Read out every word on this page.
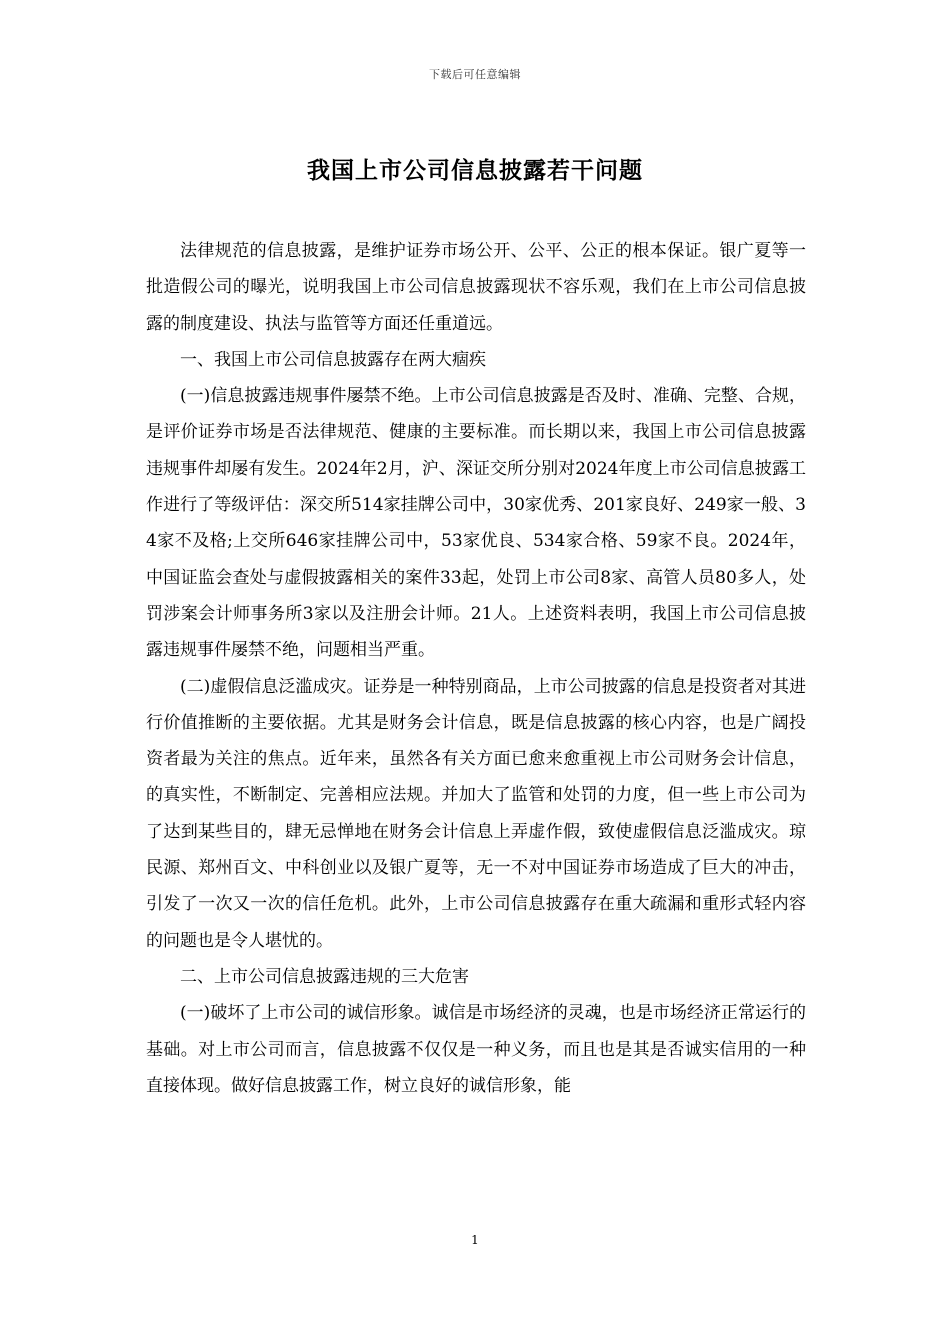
下载后可任意编辑
我国上市公司信息披露若干问题

法律规范的信息披露，是维护证券市场公开、公平、公正的根本保证。银广夏等一批造假公司的曝光，说明我国上市公司信息披露现状不容乐观，我们在上市公司信息披露的制度建设、执法与监管等方面还任重道远。

一、我国上市公司信息披露存在两大痼疾

(一)信息披露违规事件屡禁不绝。上市公司信息披露是否及时、准确、完整、合规，是评价证券市场是否法律规范、健康的主要标准。而长期以来，我国上市公司信息披露违规事件却屡有发生。2024年2月，沪、深证交所分别对2024年度上市公司信息披露工作进行了等级评估：深交所514家挂牌公司中，30家优秀、201家良好、249家一般、34家不及格;上交所646家挂牌公司中，53家优良、534家合格、59家不良。2024年，中国证监会查处与虚假披露相关的案件33起，处罚上市公司8家、高管人员80多人，处罚涉案会计师事务所3家以及注册会计师。21人。上述资料表明，我国上市公司信息披露违规事件屡禁不绝，问题相当严重。

(二)虚假信息泛滥成灾。证券是一种特别商品，上市公司披露的信息是投资者对其进行价值推断的主要依据。尤其是财务会计信息，既是信息披露的核心内容，也是广阔投资者最为关注的焦点。近年来，虽然各有关方面已愈来愈重视上市公司财务会计信息，的真实性，不断制定、完善相应法规。并加大了监管和处罚的力度，但一些上市公司为了达到某些目的，肆无忌惮地在财务会计信息上弄虚作假，致使虚假信息泛滥成灾。琼民源、郑州百文、中科创业以及银广夏等，无一不对中国证券市场造成了巨大的冲击，引发了一次又一次的信任危机。此外，上市公司信息披露存在重大疏漏和重形式轻内容的问题也是令人堪忧的。

二、上市公司信息披露违规的三大危害

(一)破坏了上市公司的诚信形象。诚信是市场经济的灵魂，也是市场经济正常运行的基础。对上市公司而言，信息披露不仅仅是一种义务，而且也是其是否诚实信用的一种直接体现。做好信息披露工作，树立良好的诚信形象，能

1
